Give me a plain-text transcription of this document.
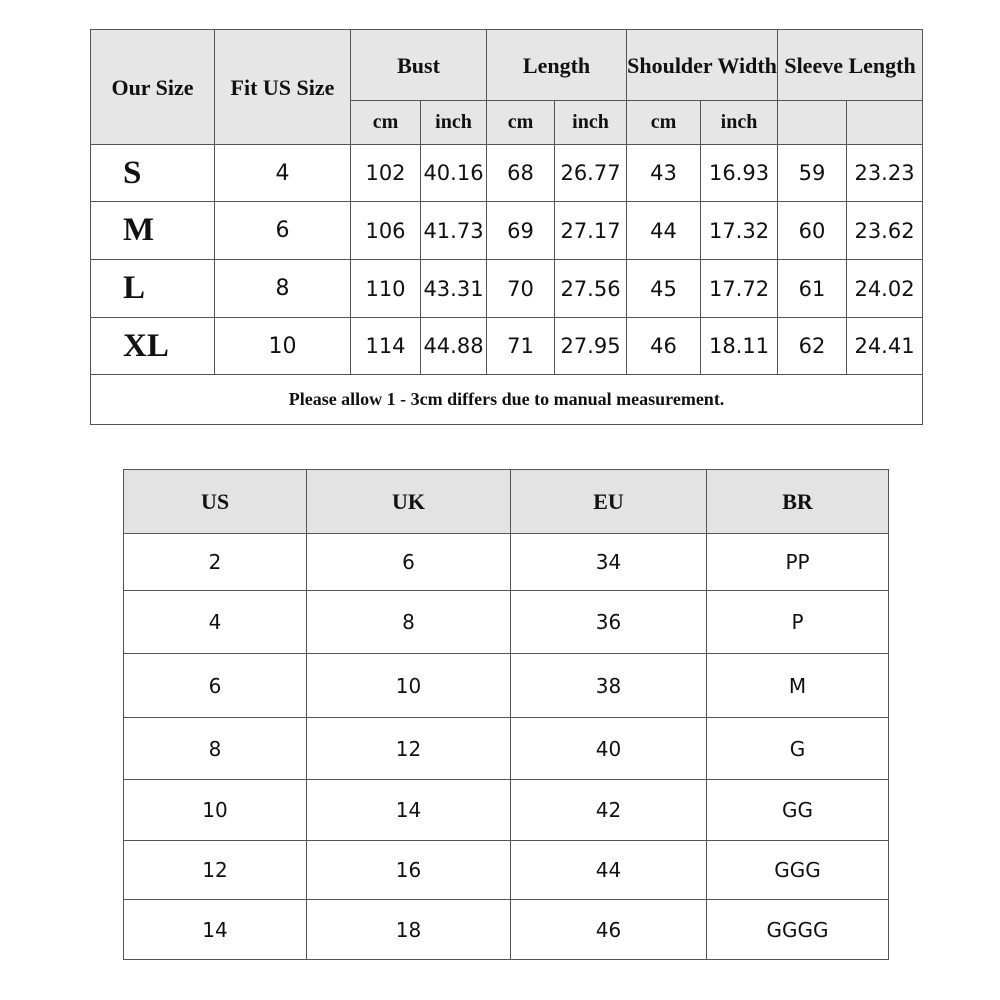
Our Size	Fit US Size	Bust		Length		Shoulder Width		Sleeve Length	
		cm	inch	cm	inch	cm	inch		
S	4	102	40.16	68	26.77	43	16.93	59	23.23
M	6	106	41.73	69	27.17	44	17.32	60	23.62
L	8	110	43.31	70	27.56	45	17.72	61	24.02
XL	10	114	44.88	71	27.95	46	18.11	62	24.41
Please allow 1 - 3cm differs due to manual measurement.									
US	UK	EU	BR
2	6	34	PP
4	8	36	P
6	10	38	M
8	12	40	G
10	14	42	GG
12	16	44	GGG
14	18	46	GGGG
